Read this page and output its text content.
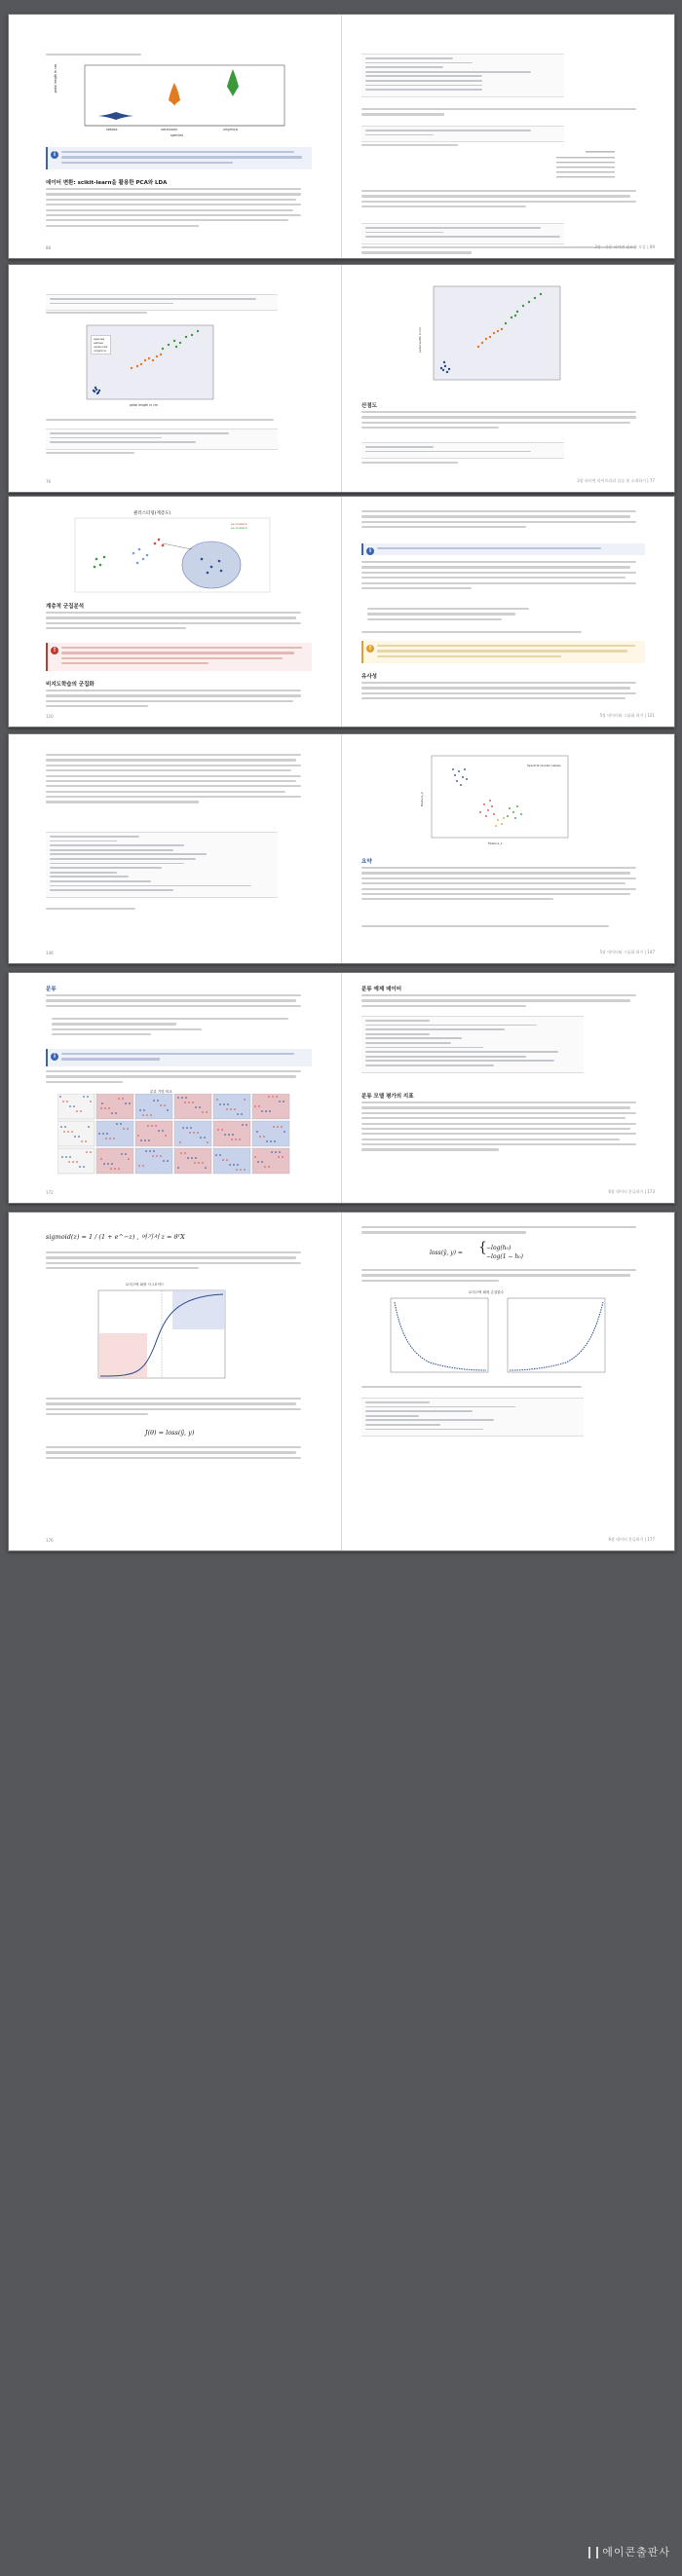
setosa	versicolor	virginica
species
petal length in cm
i
데이터 변환: scikit-learn을 활용한 PCA와 LDA
88	3장 · 기본 파이썬 필요한 모듈 | 89
species
setosa
versicolor
virginica
petal length in cm
76
petal width in cm
산점도
3장 파이썬 라이브러리 실습 및 소개하기 | 77
클러스터링(계층도)
ex.cluster1
ex.cluster2
계층적 군집분석
!
비지도학습의 군집화
120
i
!
유사성
5장 데이터와 그룹화 하기 | 121
146
Spectral Cluster Labels
Feature_1
Feature_2
요약
5장 데이터와 그룹화 하기 | 147
분류
i
분류 기법 비교
172
분류 예제 데이터
분류 모델 평가의 지표
6장 데이터 분류하기 | 173
sigmoid(z) = 1 / (1 + e^−z) , 여기서 z = θᵀX
로지스틱 회귀 시그모이드
J(θ) = loss(ŷ, y)
176
loss(ŷ, y) = { −log(h₀)
−log(1 − h₀)
로지스틱 회귀 손실함수
6장 데이터 분류하기 | 177
에이콘출판사
